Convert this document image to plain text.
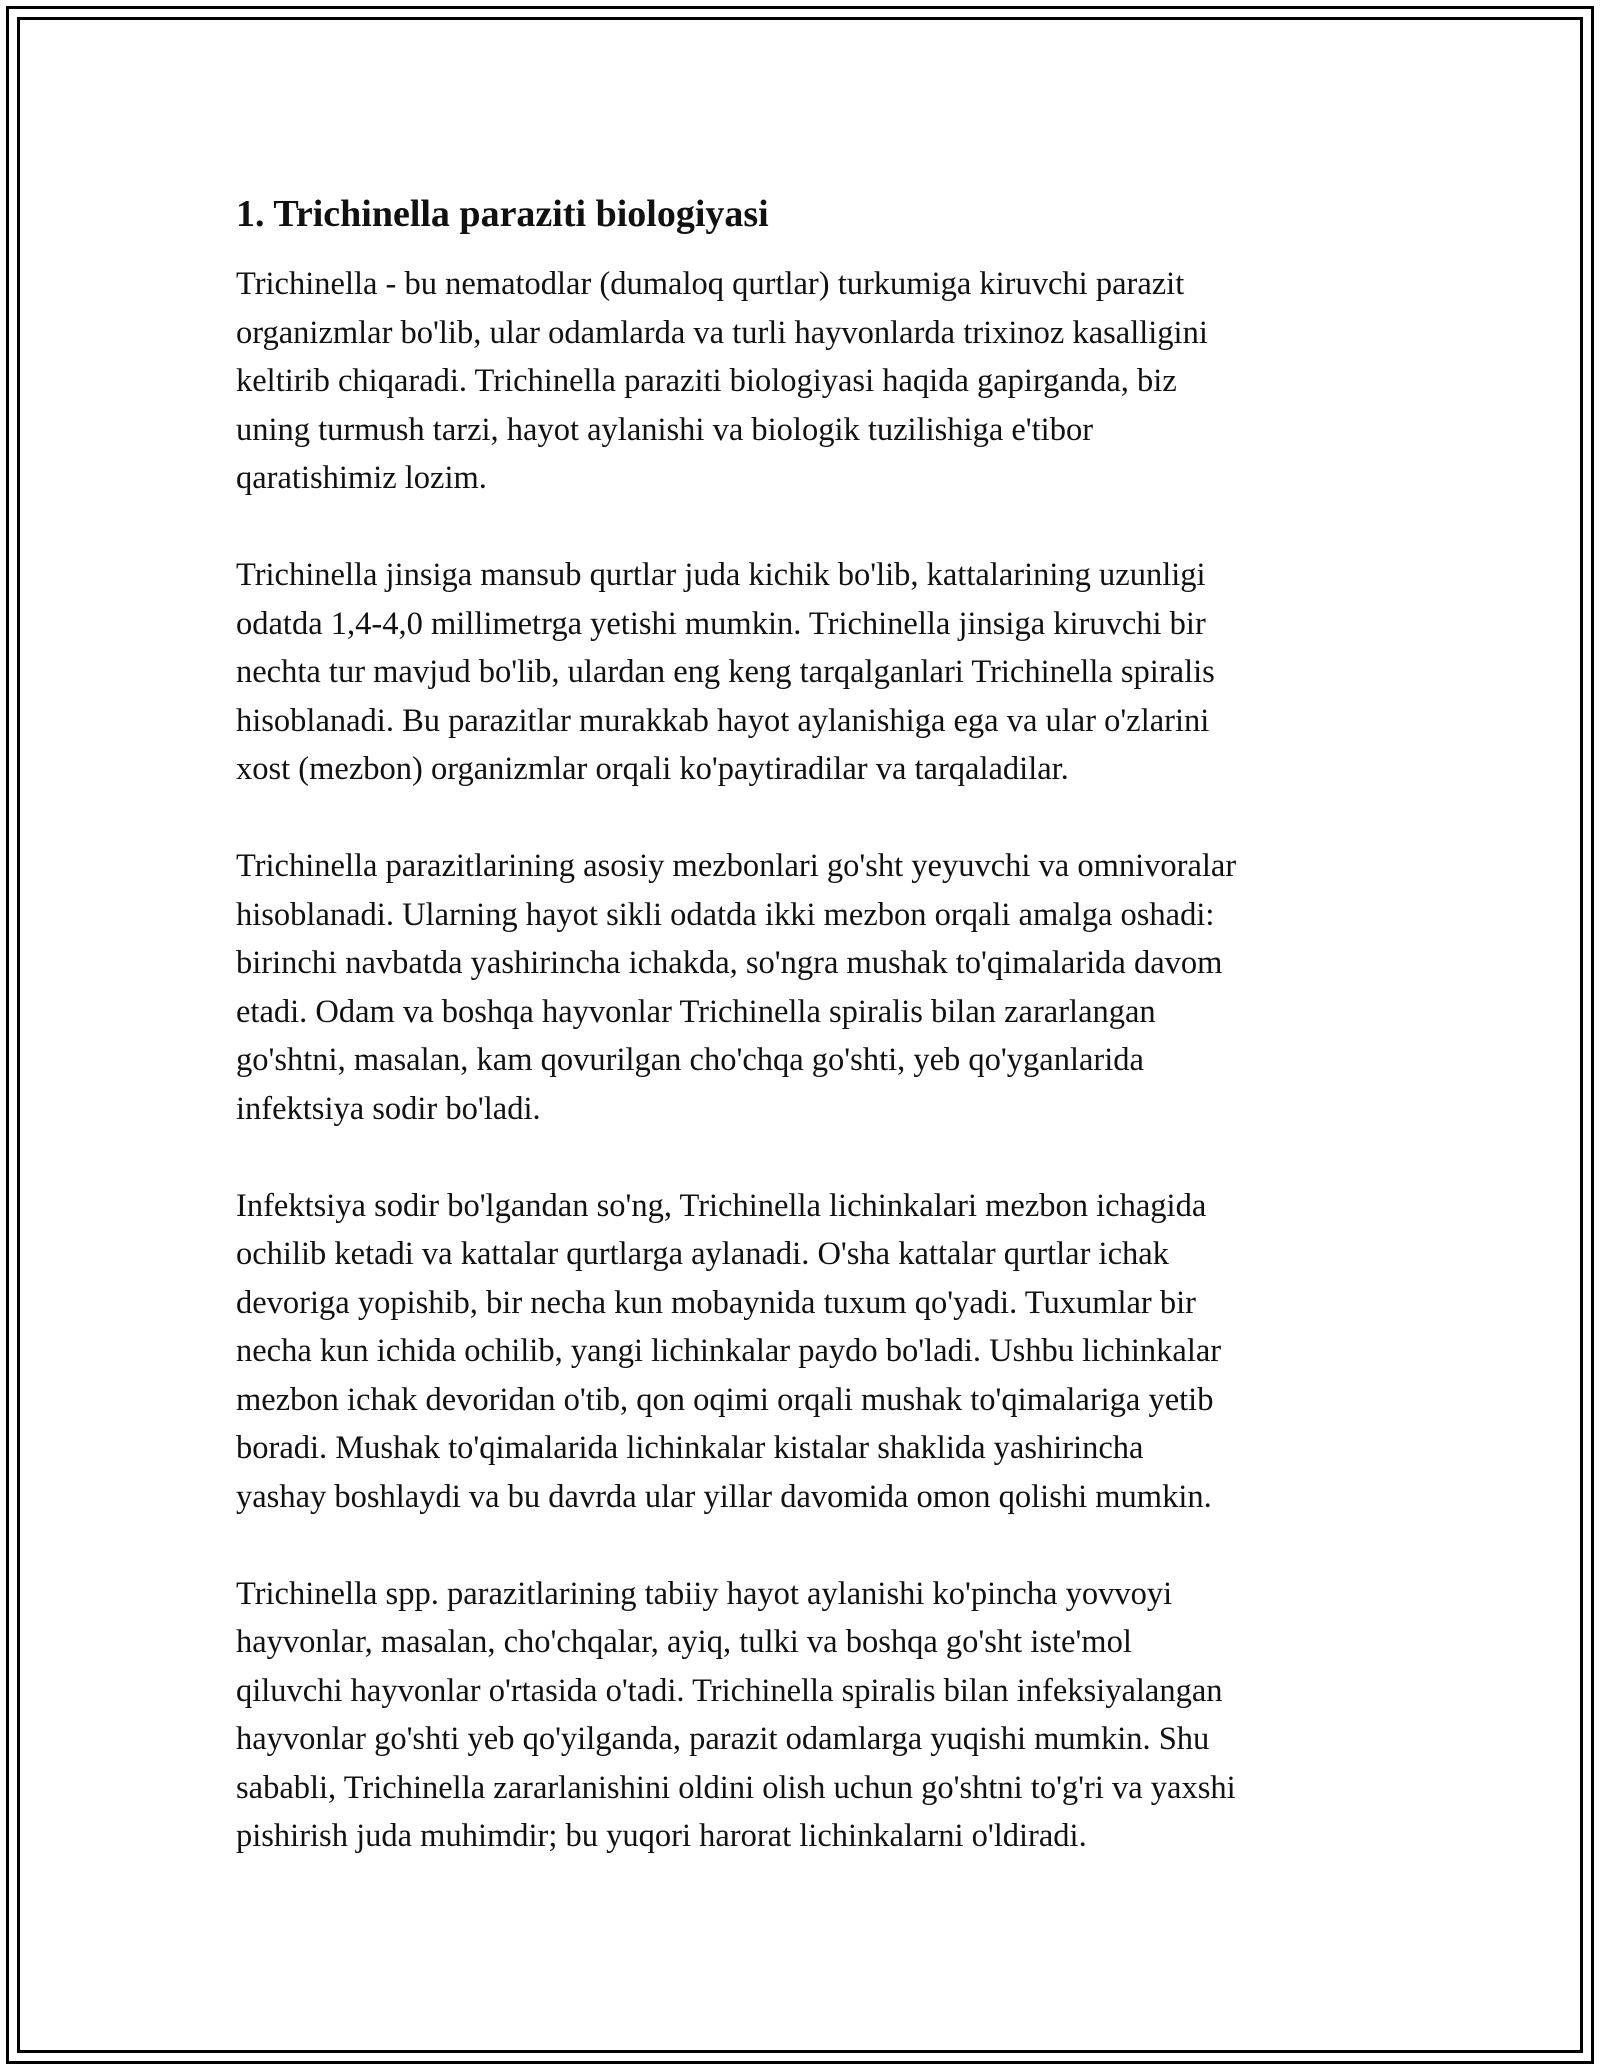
1. Trichinella paraziti biologiyasi

Trichinella - bu nematodlar (dumaloq qurtlar) turkumiga kiruvchi parazit
organizmlar bo'lib, ular odamlarda va turli hayvonlarda trixinoz kasalligini
keltirib chiqaradi. Trichinella paraziti biologiyasi haqida gapirganda, biz
uning turmush tarzi, hayot aylanishi va biologik tuzilishiga e'tibor
qaratishimiz lozim.

Trichinella jinsiga mansub qurtlar juda kichik bo'lib, kattalarining uzunligi
odatda 1,4-4,0 millimetrga yetishi mumkin. Trichinella jinsiga kiruvchi bir
nechta tur mavjud bo'lib, ulardan eng keng tarqalganlari Trichinella spiralis
hisoblanadi. Bu parazitlar murakkab hayot aylanishiga ega va ular o'zlarini
xost (mezbon) organizmlar orqali ko'paytiradilar va tarqaladilar.

Trichinella parazitlarining asosiy mezbonlari go'sht yeyuvchi va omnivoralar
hisoblanadi. Ularning hayot sikli odatda ikki mezbon orqali amalga oshadi:
birinchi navbatda yashirincha ichakda, so'ngra mushak to'qimalarida davom
etadi. Odam va boshqa hayvonlar Trichinella spiralis bilan zararlangan
go'shtni, masalan, kam qovurilgan cho'chqa go'shti, yeb qo'yganlarida
infektsiya sodir bo'ladi.

Infektsiya sodir bo'lgandan so'ng, Trichinella lichinkalari mezbon ichagida
ochilib ketadi va kattalar qurtlarga aylanadi. O'sha kattalar qurtlar ichak
devoriga yopishib, bir necha kun mobaynida tuxum qo'yadi. Tuxumlar bir
necha kun ichida ochilib, yangi lichinkalar paydo bo'ladi. Ushbu lichinkalar
mezbon ichak devoridan o'tib, qon oqimi orqali mushak to'qimalariga yetib
boradi. Mushak to'qimalarida lichinkalar kistalar shaklida yashirincha
yashay boshlaydi va bu davrda ular yillar davomida omon qolishi mumkin.

Trichinella spp. parazitlarining tabiiy hayot aylanishi ko'pincha yovvoyi
hayvonlar, masalan, cho'chqalar, ayiq, tulki va boshqa go'sht iste'mol
qiluvchi hayvonlar o'rtasida o'tadi. Trichinella spiralis bilan infeksiyalangan
hayvonlar go'shti yeb qo'yilganda, parazit odamlarga yuqishi mumkin. Shu
sababli, Trichinella zararlanishini oldini olish uchun go'shtni to'g'ri va yaxshi
pishirish juda muhimdir; bu yuqori harorat lichinkalarni o'ldiradi.
